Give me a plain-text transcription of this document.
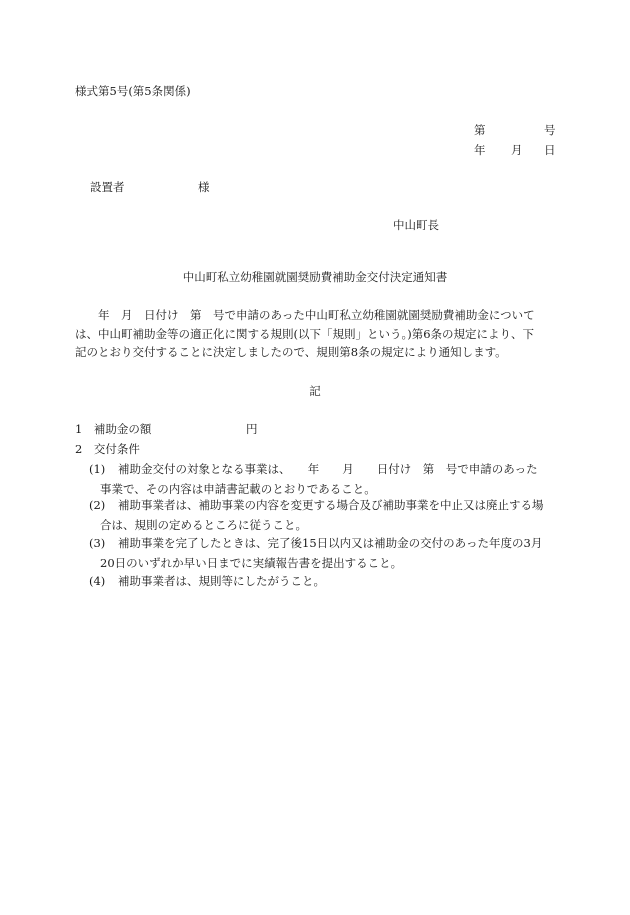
様式第5号(第5条関係)
第	号
年 月 日
設置者	様
中山町長
中山町私立幼稚園就園奨励費補助金交付決定通知書
　　年　月　日付け　第　号で申請のあった中山町私立幼稚園就園奨励費補助金について
は、中山町補助金等の適正化に関する規則(以下「規則」という。)第6条の規定により、下
記のとおり交付することに決定しましたので、規則第8条の規定により通知します。
記
1　補助金の額	円
2　交付条件
(1) 補助金交付の対象となる事業は、　　年　　月　　日付け　第　号で申請のあった
事業で、その内容は申請書記載のとおりであること。
(2) 補助事業者は、補助事業の内容を変更する場合及び補助事業を中止又は廃止する場
合は、規則の定めるところに従うこと。
(3) 補助事業を完了したときは、完了後15日以内又は補助金の交付のあった年度の3月
20日のいずれか早い日までに実績報告書を提出すること。
(4) 補助事業者は、規則等にしたがうこと。
